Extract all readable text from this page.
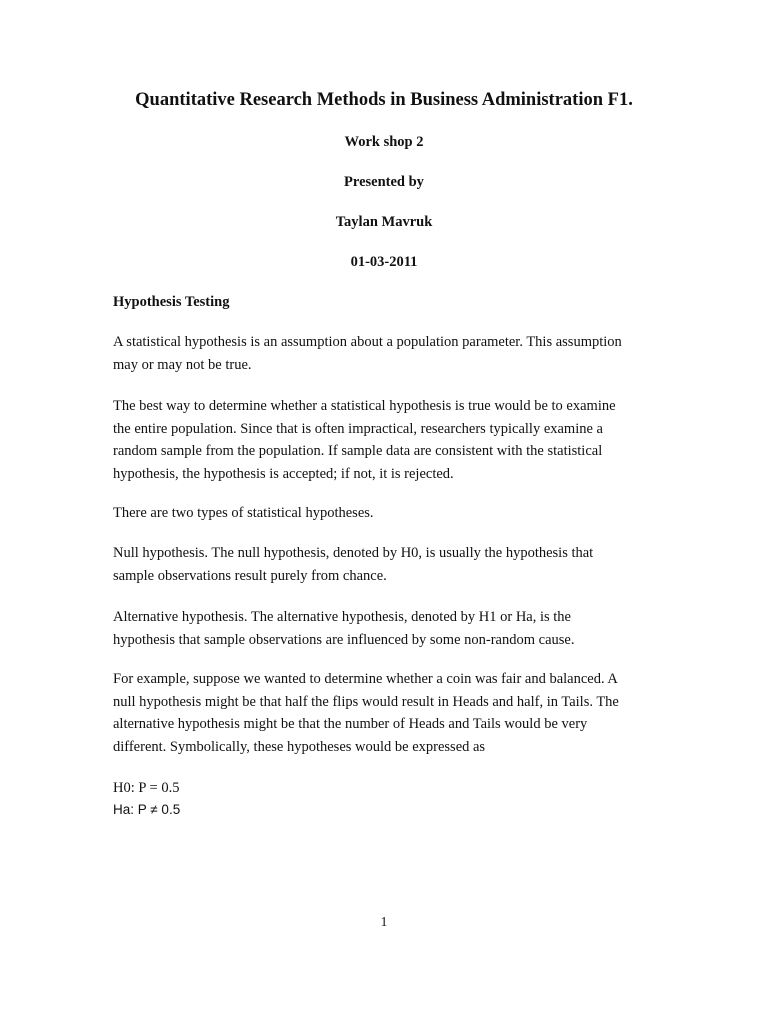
Quantitative Research Methods in Business Administration F1.

Work shop 2

Presented by

Taylan Mavruk

01-03-2011

Hypothesis Testing
A statistical hypothesis is an assumption about a population parameter. This assumption
may or may not be true.
The best way to determine whether a statistical hypothesis is true would be to examine
the entire population. Since that is often impractical, researchers typically examine a
random sample from the population. If sample data are consistent with the statistical
hypothesis, the hypothesis is accepted; if not, it is rejected.
There are two types of statistical hypotheses.
Null hypothesis. The null hypothesis, denoted by H0, is usually the hypothesis that
sample observations result purely from chance.
Alternative hypothesis. The alternative hypothesis, denoted by H1 or Ha, is the
hypothesis that sample observations are influenced by some non-random cause.
For example, suppose we wanted to determine whether a coin was fair and balanced. A
null hypothesis might be that half the flips would result in Heads and half, in Tails. The
alternative hypothesis might be that the number of Heads and Tails would be very
different. Symbolically, these hypotheses would be expressed as

H0: P = 0.5

Ha: P ≠ 0.5

1
